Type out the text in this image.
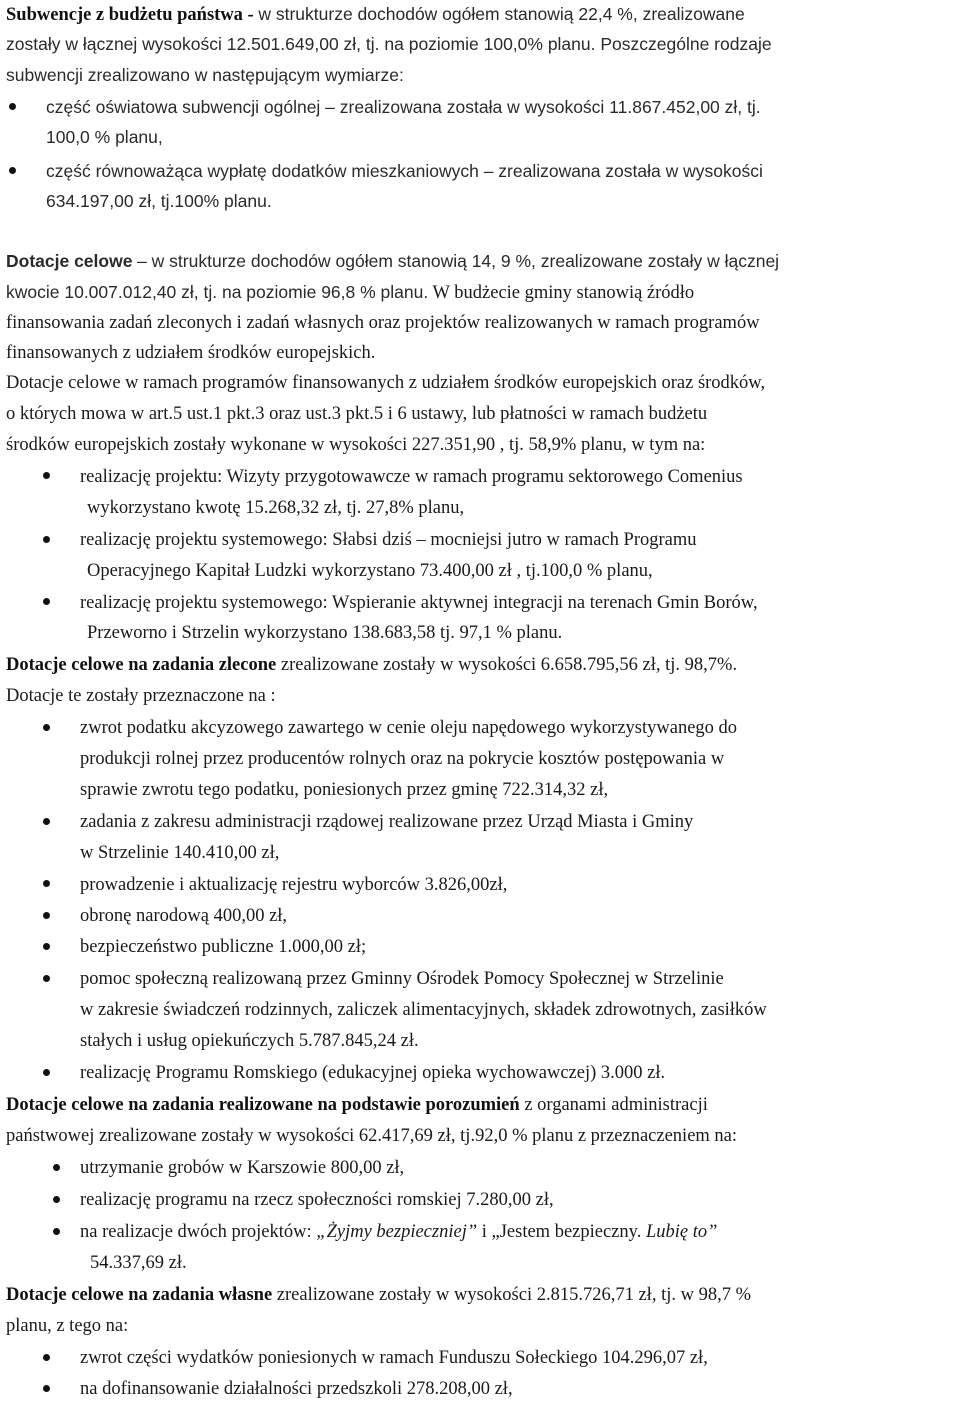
Subwencje z budżetu państwa - w strukturze dochodów ogółem stanowią 22,4 %, zrealizowane
zostały w łącznej wysokości 12.501.649,00 zł, tj. na poziomie 100,0% planu. Poszczególne rodzaje
subwencji zrealizowano w następującym wymiarze:
część oświatowa subwencji ogólnej – zrealizowana została w wysokości 11.867.452,00 zł, tj.
100,0 % planu,
część równoważąca wypłatę dodatków mieszkaniowych – zrealizowana została w wysokości
634.197,00 zł, tj.100% planu.
Dotacje celowe – w strukturze dochodów ogółem stanowią 14, 9 %, zrealizowane zostały w łącznej
kwocie 10.007.012,40 zł, tj. na poziomie 96,8 % planu. W budżecie gminy stanowią źródło
finansowania zadań zleconych i zadań własnych oraz projektów realizowanych w ramach programów
finansowanych z udziałem środków europejskich.
Dotacje celowe w ramach programów finansowanych z udziałem środków europejskich oraz środków,
o których mowa w art.5 ust.1 pkt.3 oraz ust.3 pkt.5 i 6 ustawy, lub płatności w ramach budżetu
środków europejskich zostały wykonane w wysokości 227.351,90 , tj. 58,9% planu, w tym na:
realizację projektu: Wizyty przygotowawcze w ramach programu sektorowego Comenius
wykorzystano kwotę 15.268,32 zł, tj. 27,8% planu,
realizację projektu systemowego: Słabsi dziś – mocniejsi jutro w ramach Programu
Operacyjnego Kapitał Ludzki wykorzystano 73.400,00 zł , tj.100,0 % planu,
realizację projektu systemowego: Wspieranie aktywnej integracji na terenach Gmin Borów,
Przeworno i Strzelin wykorzystano 138.683,58 tj. 97,1 % planu.
Dotacje celowe na zadania zlecone zrealizowane zostały w wysokości 6.658.795,56 zł, tj. 98,7%.
Dotacje te zostały przeznaczone na :
zwrot podatku akcyzowego zawartego w cenie oleju napędowego wykorzystywanego do
produkcji rolnej przez producentów rolnych oraz na pokrycie kosztów postępowania w
sprawie zwrotu tego podatku, poniesionych przez gminę 722.314,32 zł,
zadania z zakresu administracji rządowej realizowane przez Urząd Miasta i Gminy
w Strzelinie 140.410,00 zł,
prowadzenie i aktualizację rejestru wyborców 3.826,00zł,
obronę narodową 400,00 zł,
bezpieczeństwo publiczne 1.000,00 zł;
pomoc społeczną realizowaną przez Gminny Ośrodek Pomocy Społecznej w Strzelinie
w zakresie świadczeń rodzinnych, zaliczek alimentacyjnych, składek zdrowotnych, zasiłków
stałych i usług opiekuńczych 5.787.845,24 zł.
realizację Programu Romskiego (edukacyjnej opieka wychowawczej) 3.000 zł.
Dotacje celowe na zadania realizowane na podstawie porozumień z organami administracji
państwowej zrealizowane zostały w wysokości 62.417,69 zł, tj.92,0 % planu z przeznaczeniem na:
utrzymanie grobów w Karszowie 800,00 zł,
realizację programu na rzecz społeczności romskiej 7.280,00 zł,
na realizacje dwóch projektów: „Żyjmy bezpieczniej” i „Jestem bezpieczny. Lubię to”
54.337,69 zł.
Dotacje celowe na zadania własne zrealizowane zostały w wysokości 2.815.726,71 zł, tj. w 98,7 %
planu, z tego na:
zwrot części wydatków poniesionych w ramach Funduszu Sołeckiego 104.296,07 zł,
na dofinansowanie działalności przedszkoli 278.208,00 zł,
